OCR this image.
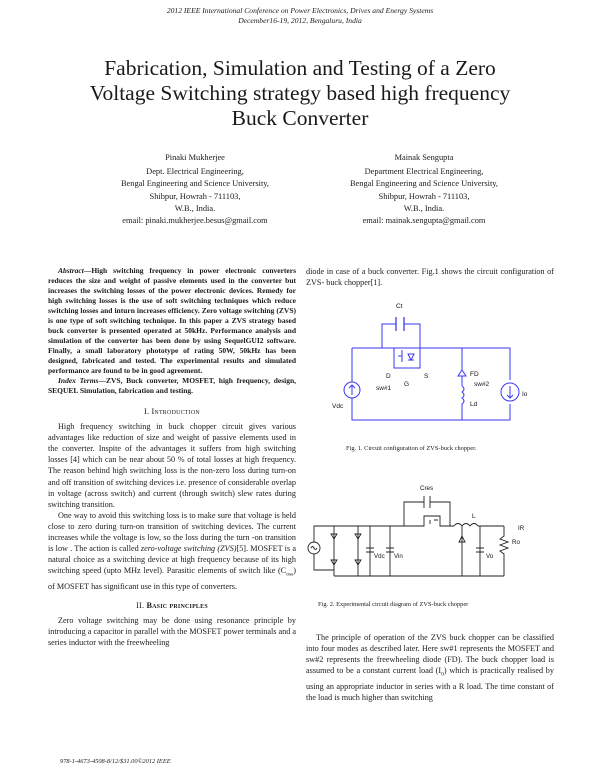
2012 IEEE International Conference on Power Electronics, Drives and Energy Systems
December16-19, 2012, Bengaluru, India
Fabrication, Simulation and Testing of a Zero
Voltage Switching strategy based high frequency
Buck Converter
Pinaki Mukherjee
Dept. Electrical Engineering,
Bengal Engineering and Science University,
Shibpur, Howrah - 711103,
W.B., India.
email: pinaki.mukherjee.besus@gmail.com
Mainak Sengupta
Department Electrical Engineering,
Bengal Engineering and Science University,
Shibpur, Howrah - 711103,
W.B., India.
email: mainak.sengupta@gmail.com
Abstract—High switching frequency in power electronic converters reduces the size and weight of passive elements used in the converter but increases the switching losses of the power electronic devices. Remedy for high switching losses is the use of soft switching techniques which reduce switching losses and inturn increases efficiency. Zero voltage switching (ZVS) is one type of soft switching technique. In this paper a ZVS strategy based buck converter is presented operated at 50kHz. Performance analysis and simulation of the converter has been done by using SequelGUI2 software. Finally, a small laboratory phototype of rating 50W, 50kHz has been designed, fabricated and tested. The experimental results and simulated performance are found to be in good agreement.
Index Terms—ZVS, Buck converter, MOSFET, high frequency, design, SEQUEL Simulation, fabrication and testing.
I. Introduction

High frequency switching in buck chopper circuit gives various advantages like reduction of size and weight of passive elements used in the converter. Inspite of the advantages it suffers from high switching losses [4] which can be near about 50 % of total losses at high frequency. The reason behind high switching loss is the non-zero loss during turn-on and off transition of switching devices i.e. presence of considerable overlap in voltage (across switch) and current (through switch) slew rates during switching transition.

One way to avoid this switching loss is to make sure that voltage is held close to zero during turn-on transition of switching devices. The current increases while the voltage is low, so the loss during the turn -on transition is low . The action is called zero-voltage switching (ZVS)[5]. MOSFET is a natural choice as a switching device at high frequency because of its high switching speed (upto MHz level). Parasitic elements of switch like $(C_{oss})$ of MOSFET has significant use in this type of converters.

II. Basic principles

Zero voltage switching may be done using resonance principle by introducing a capacitor in parallel with the MOSFET power terminals and a series inductor with the freewheeling

diode in case of a buck converter. Fig.1 shows the circuit configuration of ZVS- buck chopper[1].

Ct
D	S
G
sw#1
FD
sw#2
Vdc
Io
Ld
Fig. 1. Circuit configuration of ZVS-buck chopper.
Cres
L
Vdc Vin	Vo
Ro
IR
Fig. 2. Experimental circuit diagram of ZVS-buck chopper

The principle of operation of the ZVS buck chopper can be classified into four modes as described later. Here sw#1 represents the MOSFET and sw#2 represents the freewheeling diode (FD). The buck chopper load is assumed to be a constant current load $(I_0)$ which is practically realised by using an appropriate inductor in series with a R load. The time constant of the load is much higher than switching

978-1-4673-4508-8/12/$31.00©2012 IEEE
